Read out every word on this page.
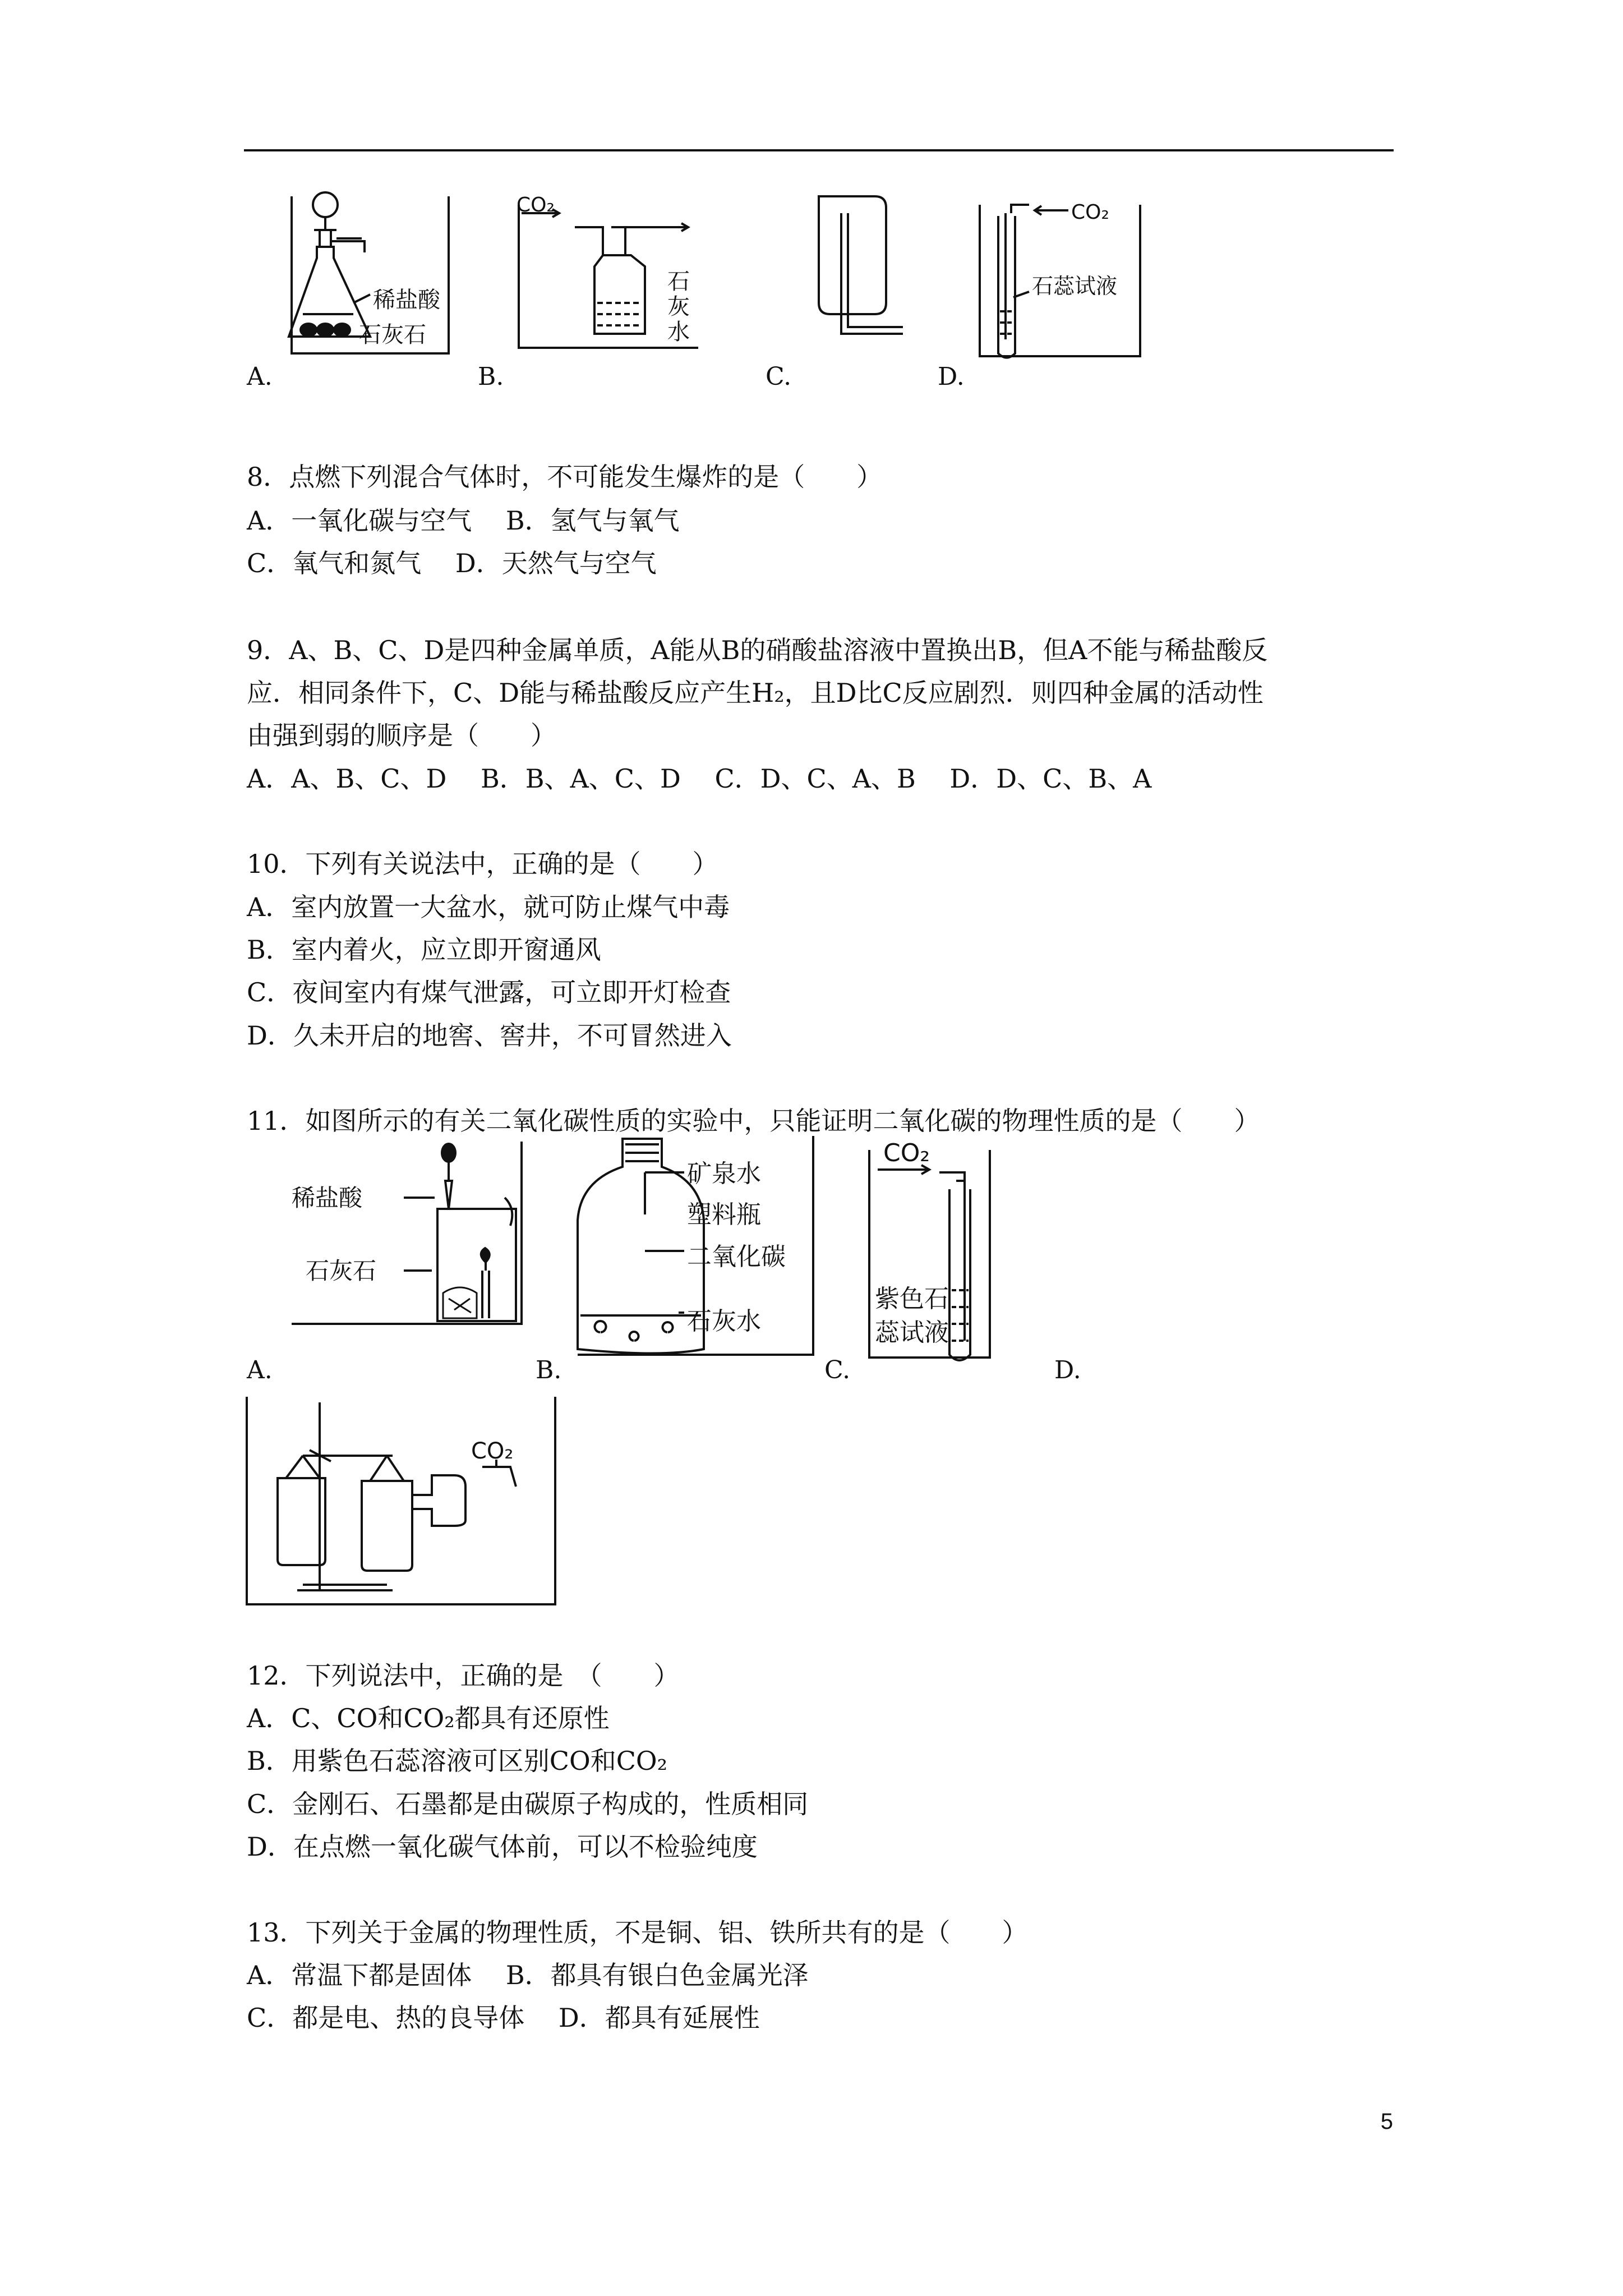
稀盐酸
石灰石
CO₂
石
灰
水
CO₂
石蕊试液
A.	B.	C.	D.
8．点燃下列混合气体时，不可能发生爆炸的是（　　）
A．一氧化碳与空气　 B．氢气与氧气
C．氧气和氮气　 D．天然气与空气
9．A、B、C、D是四种金属单质，A能从B的硝酸盐溶液中置换出B，但A不能与稀盐酸反
应．相同条件下，C、D能与稀盐酸反应产生H₂，且D比C反应剧烈．则四种金属的活动性
由强到弱的顺序是（　　）
A．A、B、C、D　 B．B、A、C、D　 C．D、C、A、B　 D．D、C、B、A
10．下列有关说法中，正确的是（　　）
A．室内放置一大盆水，就可防止煤气中毒
B．室内着火，应立即开窗通风
C．夜间室内有煤气泄露，可立即开灯检查
D．久未开启的地窖、窖井，不可冒然进入
11．如图所示的有关二氧化碳性质的实验中，只能证明二氧化碳的物理性质的是（　　）
稀盐酸
石灰石
矿泉水
塑料瓶
二氧化碳
石灰水
CO₂
紫色石
蕊试液
A.	B.	C.	D.
CO₂
12．下列说法中，正确的是　（　　）
A．C、CO和CO₂都具有还原性
B．用紫色石蕊溶液可区别CO和CO₂
C．金刚石、石墨都是由碳原子构成的，性质相同
D．在点燃一氧化碳气体前，可以不检验纯度
13．下列关于金属的物理性质，不是铜、铝、铁所共有的是（　　）
A．常温下都是固体　 B．都具有银白色金属光泽
C．都是电、热的良导体　 D．都具有延展性
5
